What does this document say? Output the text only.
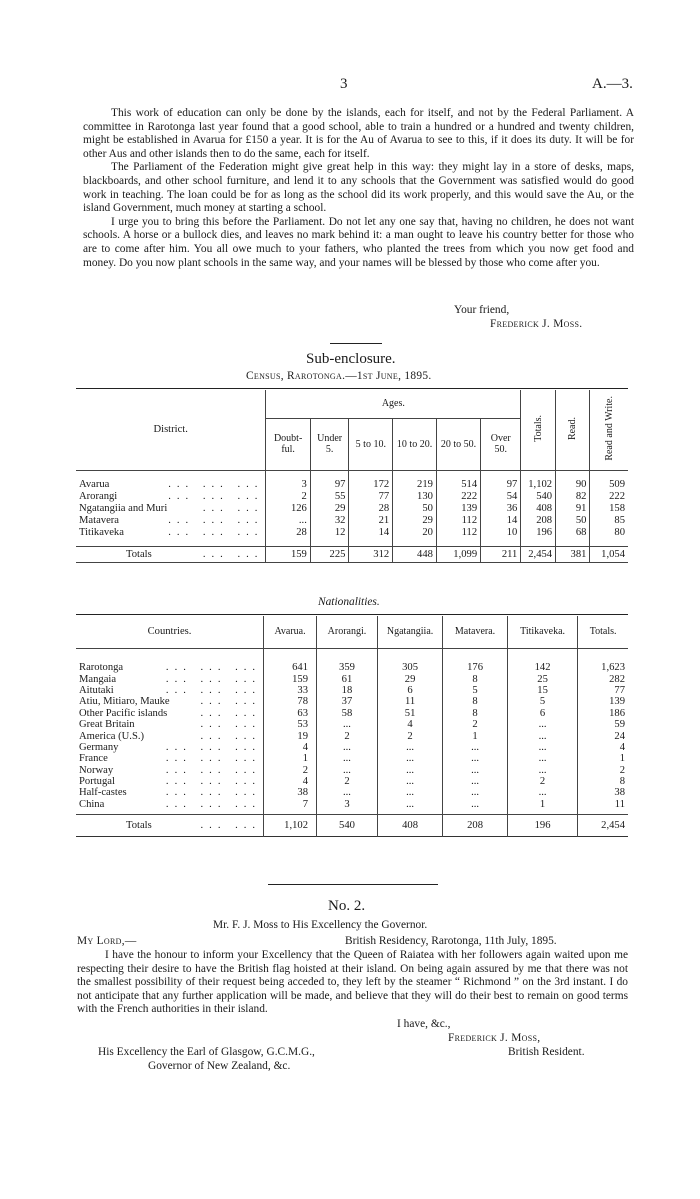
3	A.—3.

This work of education can only be done by the islands, each for itself, and not by the Federal Parliament. A committee in Rarotonga last year found that a good school, able to train a hundred or a hundred and twenty children, might be established in Avarua for £150 a year. It is for the Au of Avarua to see to this, if it does its duty. It will be for other Aus and other islands then to do the same, each for itself.

The Parliament of the Federation might give great help in this way: they might lay in a store of desks, maps, blackboards, and other school furniture, and lend it to any schools that the Government was satisfied would do good work in teaching. The loan could be for as long as the school did its work properly, and this would save the Au, or the island Government, much money at starting a school.

I urge you to bring this before the Parliament. Do not let any one say that, having no children, he does not want schools. A horse or a bullock dies, and leaves no mark behind it: a man ought to leave his country better for those who are to come after him. You all owe much to your fathers, who planted the trees from which you now get food and money. Do you now plant schools in the same way, and your names will be blessed by those who come after you.

Your friend,
Frederick J. Moss.
Sub-enclosure.
Census, Rarotonga.—1st June, 1895.
District.	Ages.						Totals.	Read.	Read and Write.
	Doubt-ful.	Under 5.	5 to 10.	10 to 20.	20 to 50.	Over 50.			

Avarua ... ... ...	3	97	172	219	514	97	1,102	90	509
Arorangi ... ... ...	2	55	77	130	222	54	540	82	222
Ngatangiia and Muri ... ...	126	29	28	50	139	36	408	91	158
Matavera ... ... ...	...	32	21	29	112	14	208	50	85
Titikaveka ... ... ...	28	12	14	20	112	10	196	68	80

Totals ... ...	159	225	312	448	1,099	211	2,454	381	1,054
Nationalities.
Countries.	Avarua.	Arorangi.	Ngatangiia.	Matavera.	Titikaveka.	Totals.

Rarotonga ... ... ...	641	359	305	176	142	1,623
Mangaia ... ... ...	159	61	29	8	25	282
Aitutaki ... ... ...	33	18	6	5	15	77
Atiu, Mitiaro, Mauke ... ...	78	37	11	8	5	139
Other Pacific islands ... ...	63	58	51	8	6	186
Great Britain ... ...	53	...	4	2	...	59
America (U.S.) ... ...	19	2	2	1	...	24
Germany ... ... ...	4	...	...	...	...	4
France ... ... ...	1	...	...	...	...	1
Norway ... ... ...	2	...	...	...	...	2
Portugal ... ... ...	4	2	...	...	2	8
Half-castes ... ... ...	38	...	...	...	...	38
China ... ... ...	7	3	...	...	1	11

Totals ... ...	1,102	540	408	208	196	2,454
No. 2.
Mr. F. J. Moss to His Excellency the Governor.
My Lord,—	British Residency, Rarotonga, 11th July, 1895.

I have the honour to inform your Excellency that the Queen of Raiatea with her followers again waited upon me respecting their desire to have the British flag hoisted at their island. On being again assured by me that there was not the smallest possibility of their request being acceded to, they left by the steamer “ Richmond ” on the 3rd instant. I do not anticipate that any further application will be made, and believe that they will do their best to remain on good terms with the French authorities in their island.

I have, &c.,
Frederick J. Moss,
British Resident.
His Excellency the Earl of Glasgow, G.C.M.G.,
Governor of New Zealand, &c.
